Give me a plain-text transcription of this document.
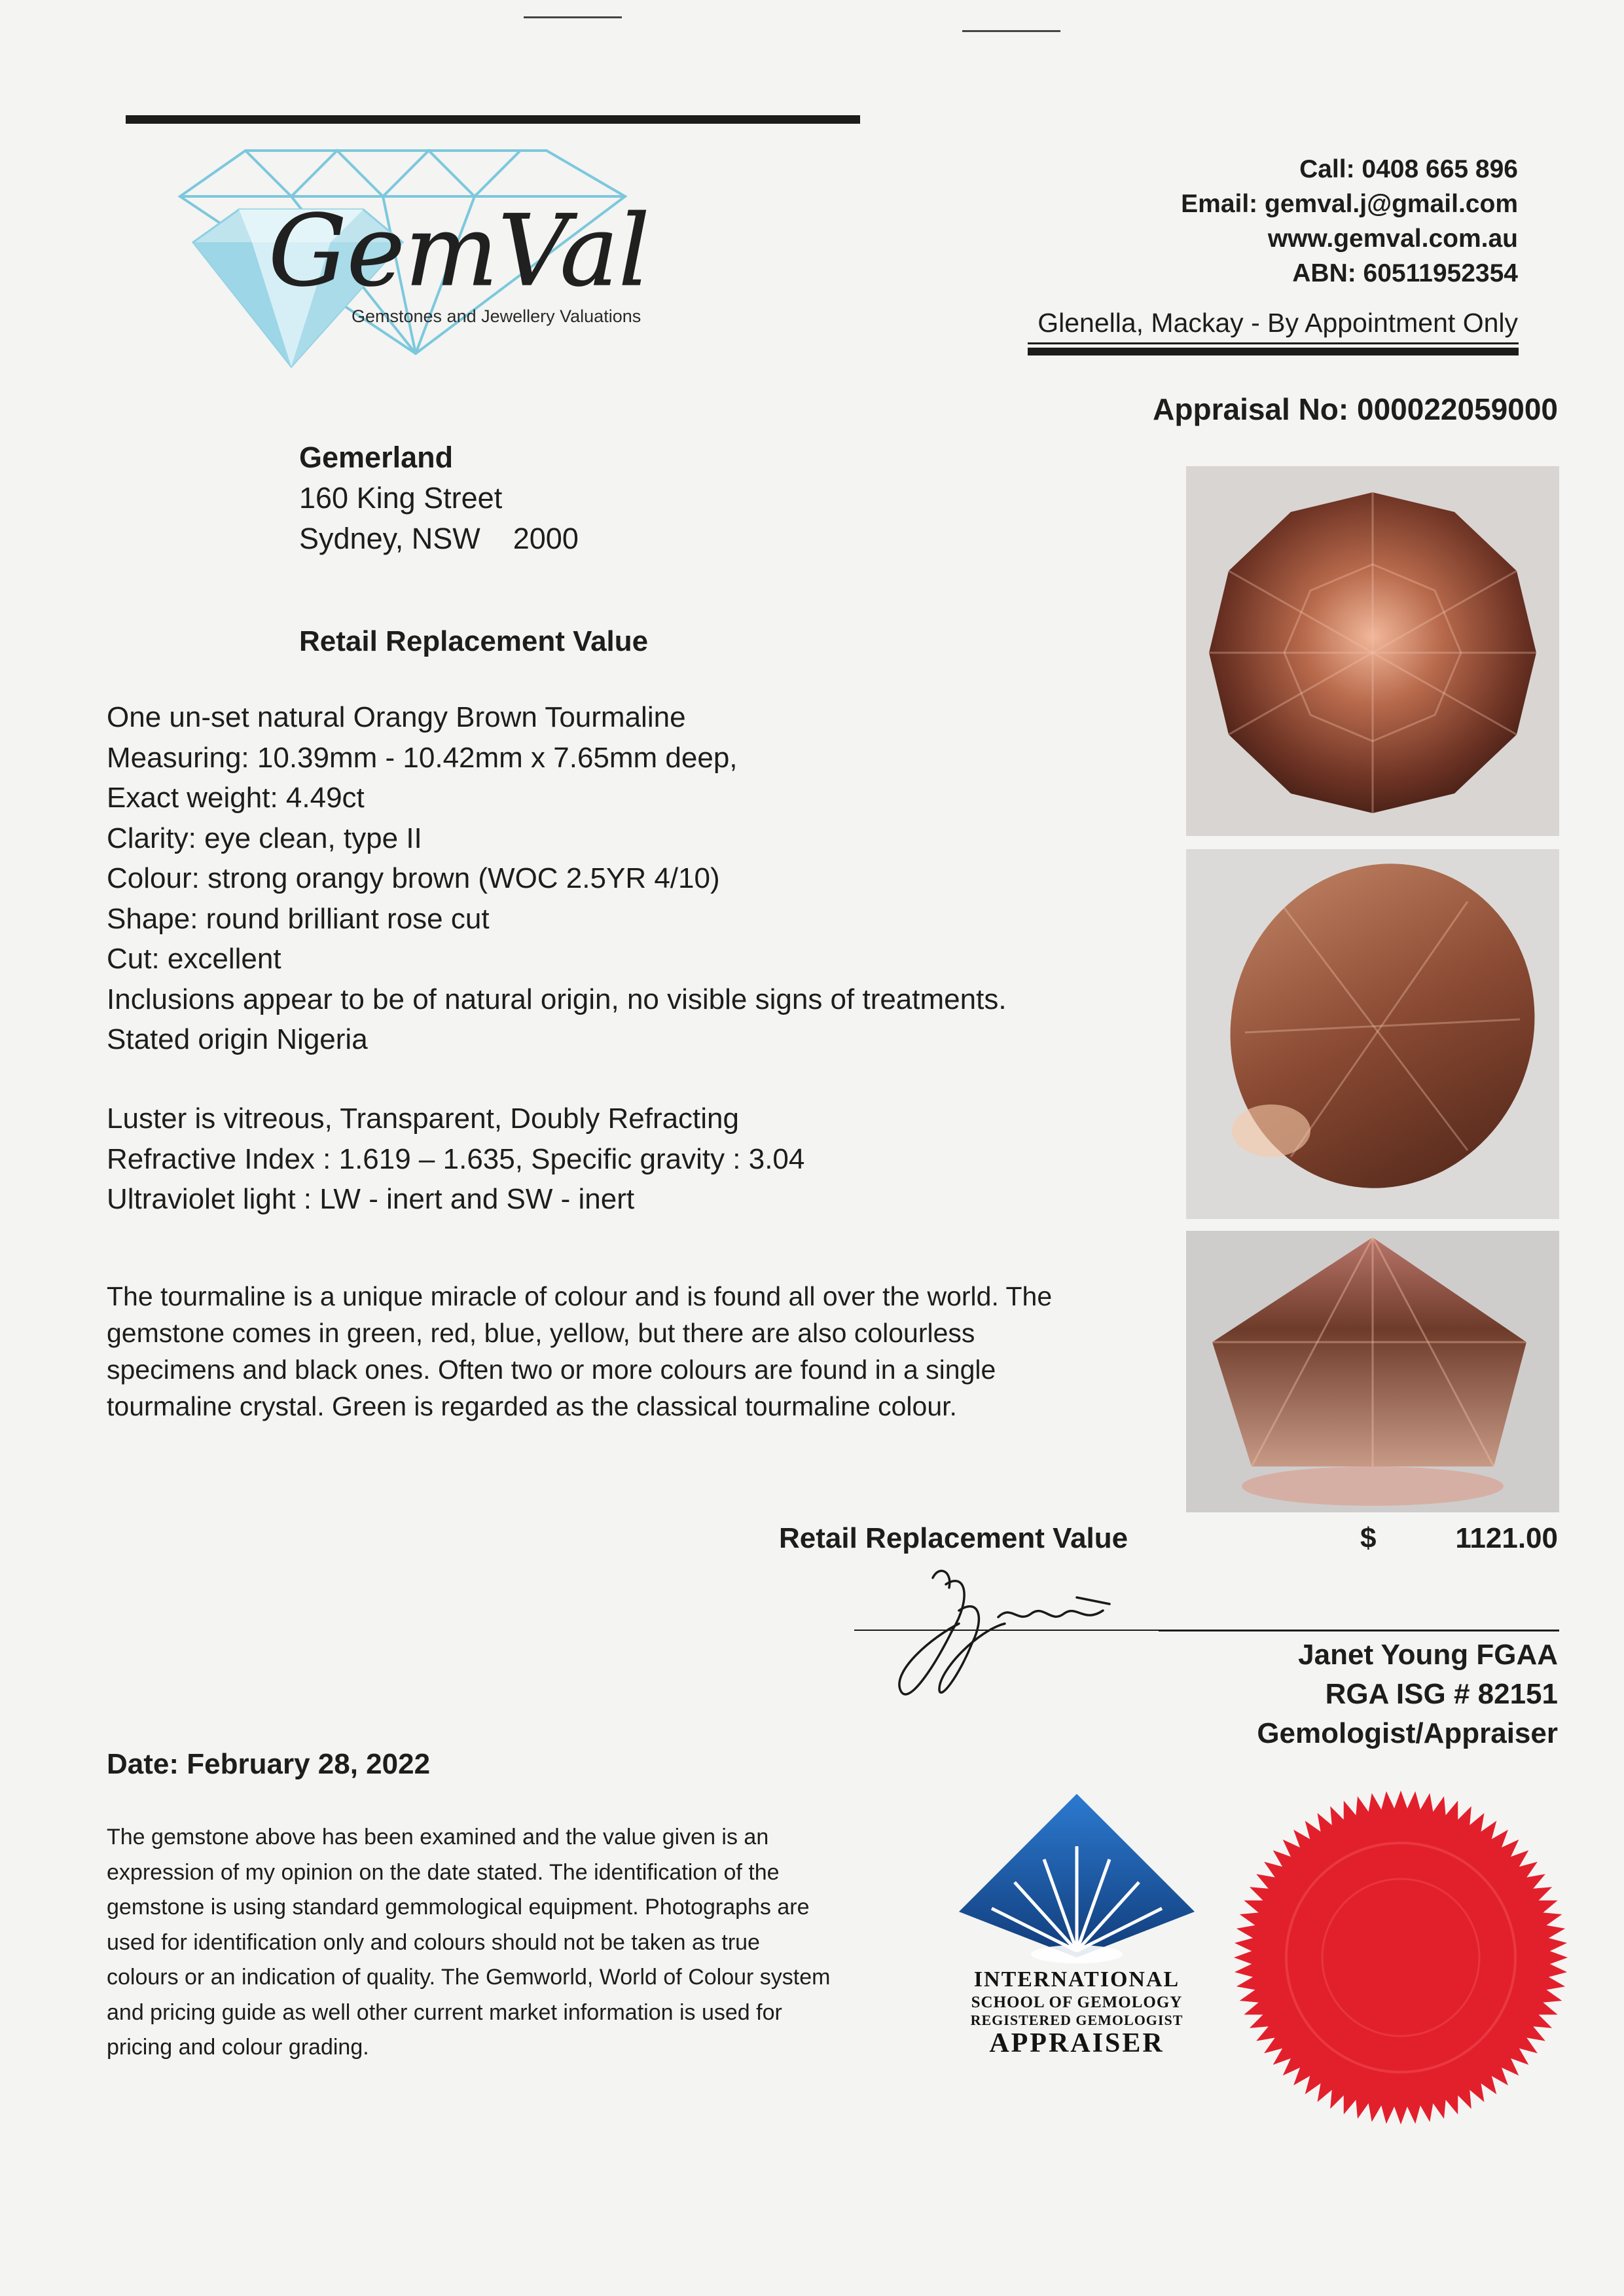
GemVal
Gemstones and Jewellery Valuations
Call: 0408 665 896
Email: gemval.j@gmail.com
www.gemval.com.au
ABN: 60511952354
Glenella, Mackay - By Appointment Only
Appraisal No: 000022059000
Gemerland
160 King Street
Sydney, NSW    2000
Retail Replacement Value
One un-set natural Orangy Brown Tourmaline
Measuring: 10.39mm - 10.42mm x 7.65mm deep,
Exact weight: 4.49ct
Clarity: eye clean, type II
Colour: strong orangy brown (WOC 2.5YR 4/10)
Shape: round brilliant rose cut
Cut: excellent
Inclusions appear to be of natural origin, no visible signs of treatments.
Stated origin Nigeria
Luster is vitreous, Transparent, Doubly Refracting
Refractive Index : 1.619 – 1.635, Specific gravity : 3.04
Ultraviolet light : LW - inert and SW - inert
The tourmaline is a unique miracle of colour and is found all over the world. The
gemstone comes in green, red, blue, yellow, but there are also colourless
specimens and black ones. Often two or more colours are found in a single
tourmaline crystal. Green is regarded as the classical tourmaline colour.
Retail Replacement Value	$	1121.00
Janet Young FGAA
RGA ISG # 82151
Gemologist/Appraiser
Date: February 28, 2022
The gemstone above has been examined and the value given is an
expression of my opinion on the date stated. The identification of the
gemstone is using standard gemmological equipment. Photographs are
used for identification only and colours should not be taken as true
colours or an indication of quality. The Gemworld, World of Colour system
and pricing guide as well other current market information is used for
pricing and colour grading.
INTERNATIONAL
SCHOOL OF GEMOLOGY
REGISTERED GEMOLOGIST
APPRAISER
